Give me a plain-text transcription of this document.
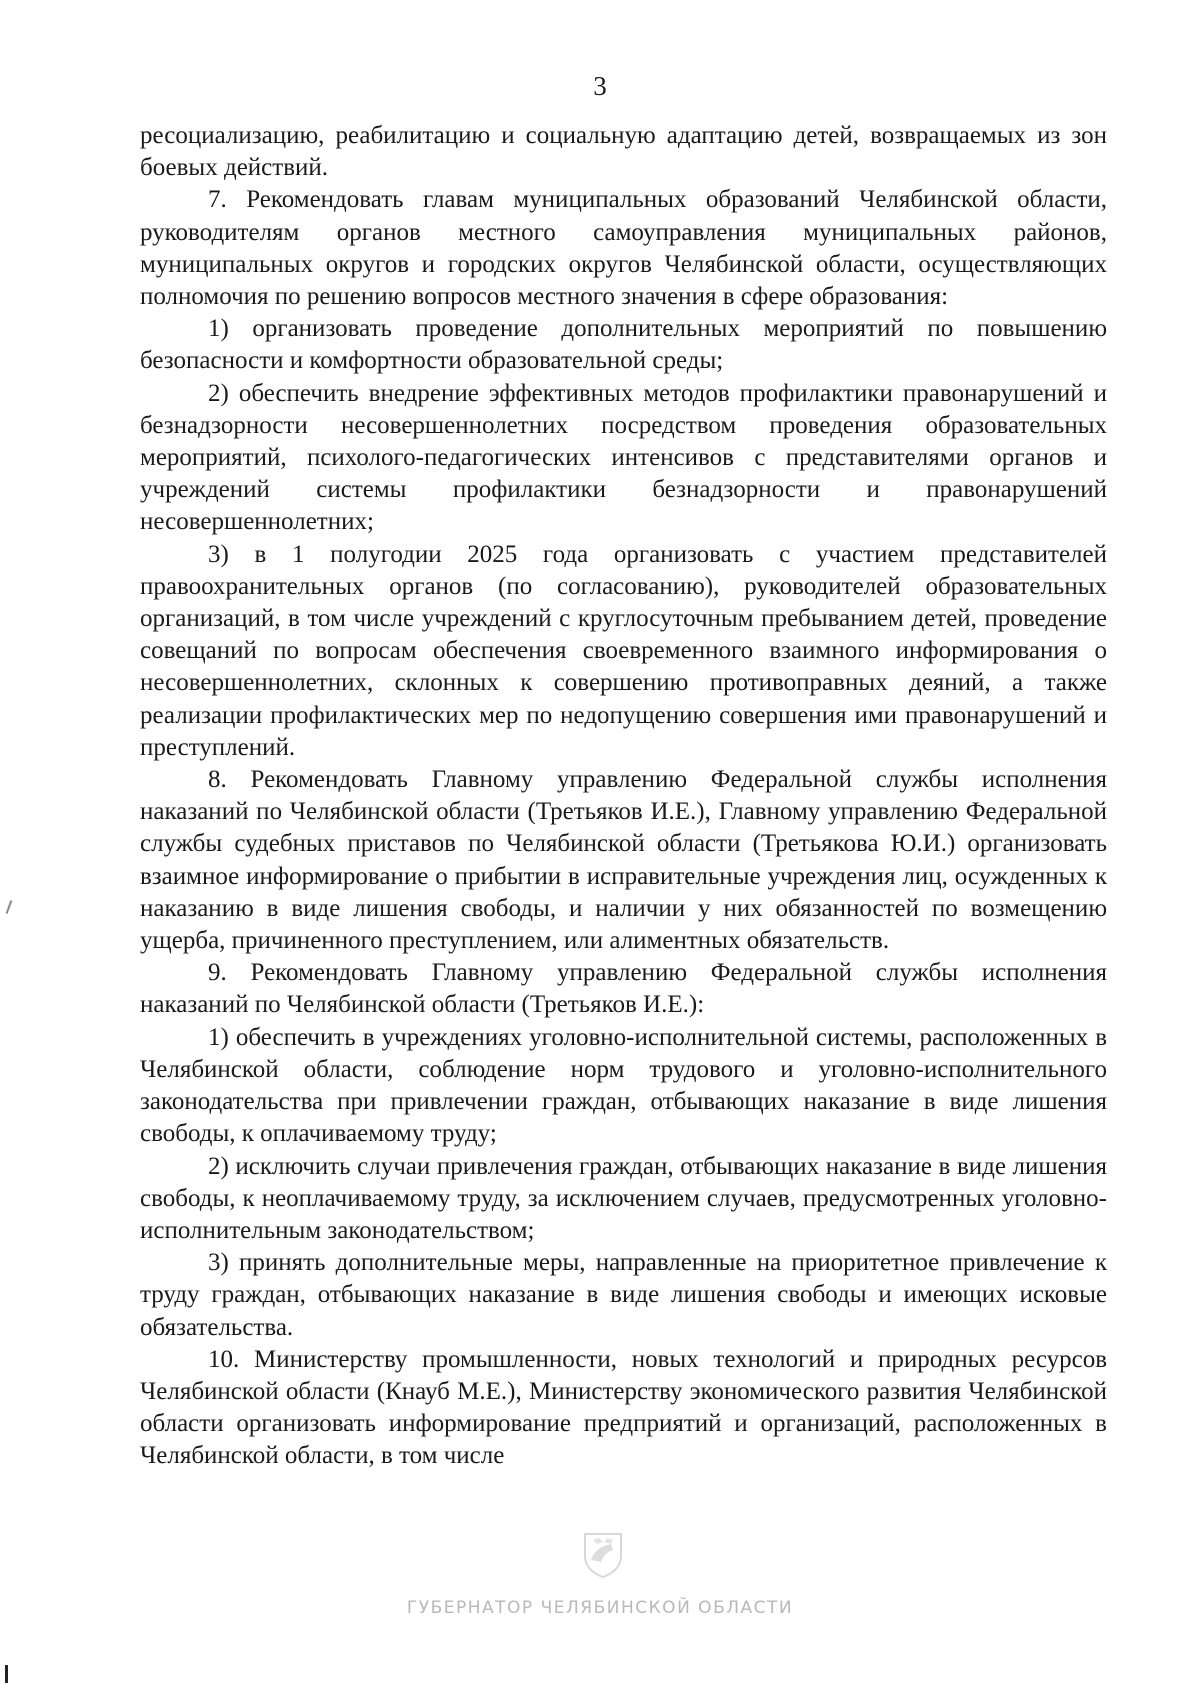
3

ресоциализацию, реабилитацию и социальную адаптацию детей, возвращаемых из зон боевых действий.

7. Рекомендовать главам муниципальных образований Челябинской области, руководителям органов местного самоуправления муниципальных районов, муниципальных округов и городских округов Челябинской области, осуществляющих полномочия по решению вопросов местного значения в сфере образования:

1) организовать проведение дополнительных мероприятий по повышению безопасности и комфортности образовательной среды;

2) обеспечить внедрение эффективных методов профилактики правонарушений и безнадзорности несовершеннолетних посредством проведения образовательных мероприятий, психолого-педагогических интенсивов с представителями органов и учреждений системы профилактики безнадзорности и правонарушений несовершеннолетних;

3) в 1 полугодии 2025 года организовать с участием представителей правоохранительных органов (по согласованию), руководителей образовательных организаций, в том числе учреждений с круглосуточным пребыванием детей, проведение совещаний по вопросам обеспечения своевременного взаимного информирования о несовершеннолетних, склонных к совершению противоправных деяний, а также реализации профилактических мер по недопущению совершения ими правонарушений и преступлений.

8. Рекомендовать Главному управлению Федеральной службы исполнения наказаний по Челябинской области (Третьяков И.Е.), Главному управлению Федеральной службы судебных приставов по Челябинской области (Третьякова Ю.И.) организовать взаимное информирование о прибытии в исправительные учреждения лиц, осужденных к наказанию в виде лишения свободы, и наличии у них обязанностей по возмещению ущерба, причиненного преступлением, или алиментных обязательств.

9. Рекомендовать Главному управлению Федеральной службы исполнения наказаний по Челябинской области (Третьяков И.Е.):

1) обеспечить в учреждениях уголовно-исполнительной системы, расположенных в Челябинской области, соблюдение норм трудового и уголовно-исполнительного законодательства при привлечении граждан, отбывающих наказание в виде лишения свободы, к оплачиваемому труду;

2) исключить случаи привлечения граждан, отбывающих наказание в виде лишения свободы, к неоплачиваемому труду, за исключением случаев, предусмотренных уголовно-исполнительным законодательством;

3) принять дополнительные меры, направленные на приоритетное привлечение к труду граждан, отбывающих наказание в виде лишения свободы и имеющих исковые обязательства.

10. Министерству промышленности, новых технологий и природных ресурсов Челябинской области (Кнауб М.Е.), Министерству экономического развития Челябинской области организовать информирование предприятий и организаций, расположенных в Челябинской области, в том числе

ГУБЕРНАТОР ЧЕЛЯБИНСКОЙ ОБЛАСТИ
